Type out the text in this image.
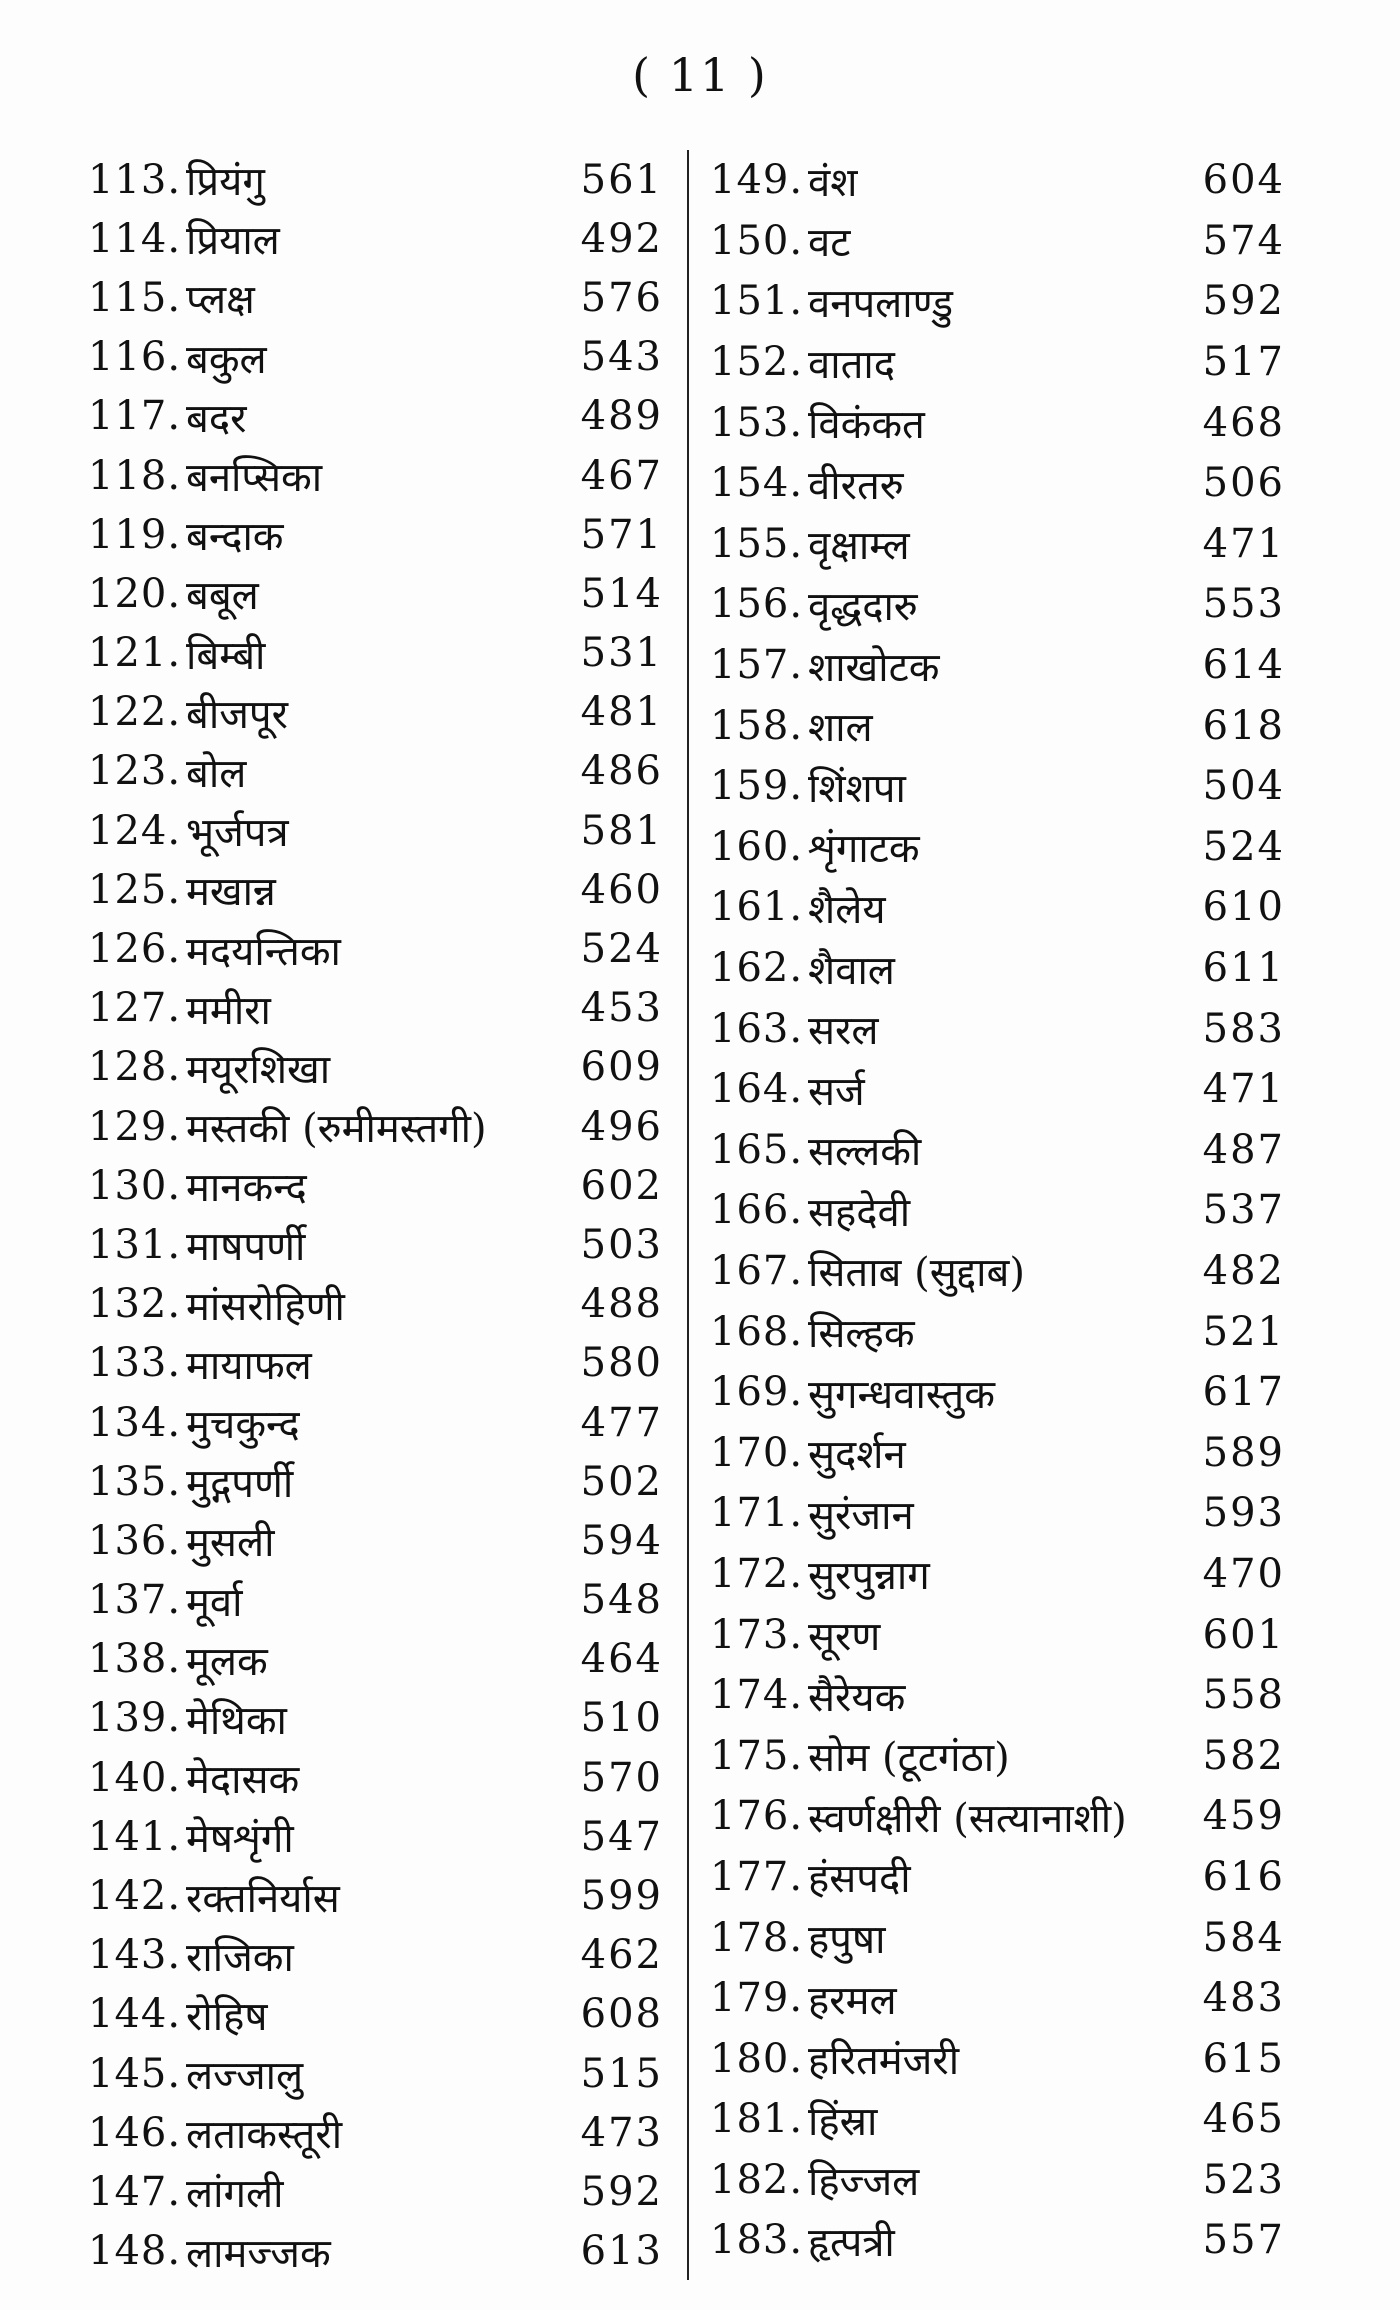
( 11 )
113. प्रियंगु	561
114. प्रियाल	492
115. प्लक्ष	576
116. बकुल	543
117. बदर	489
118. बनप्सिका	467
119. बन्दाक	571
120. बबूल	514
121. बिम्बी	531
122. बीजपूर	481
123. बोल	486
124. भूर्जपत्र	581
125. मखान्न	460
126. मदयन्तिका	524
127. ममीरा	453
128. मयूरशिखा	609
129. मस्तकी (रुमीमस्तगी)	496
130. मानकन्द	602
131. माषपर्णी	503
132. मांसरोहिणी	488
133. मायाफल	580
134. मुचकुन्द	477
135. मुद्गपर्णी	502
136. मुसली	594
137. मूर्वा	548
138. मूलक	464
139. मेथिका	510
140. मेदासक	570
141. मेषशृंगी	547
142. रक्तनिर्यास	599
143. राजिका	462
144. रोहिष	608
145. लज्जालु	515
146. लताकस्तूरी	473
147. लांगली	592
148. लामज्जक	613
149. वंश	604
150. वट	574
151. वनपलाण्डु	592
152. वाताद	517
153. विकंकत	468
154. वीरतरु	506
155. वृक्षाम्ल	471
156. वृद्धदारु	553
157. शाखोटक	614
158. शाल	618
159. शिंशपा	504
160. शृंगाटक	524
161. शैलेय	610
162. शैवाल	611
163. सरल	583
164. सर्ज	471
165. सल्लकी	487
166. सहदेवी	537
167. सिताब (सुद्दाब)	482
168. सिल्हक	521
169. सुगन्धवास्तुक	617
170. सुदर्शन	589
171. सुरंजान	593
172. सुरपुन्नाग	470
173. सूरण	601
174. सैरेयक	558
175. सोम (टूटगंठा)	582
176. स्वर्णक्षीरी (सत्यानाशी)	459
177. हंसपदी	616
178. हपुषा	584
179. हरमल	483
180. हरितमंजरी	615
181. हिंस्रा	465
182. हिज्जल	523
183. हृत्पत्री	557
